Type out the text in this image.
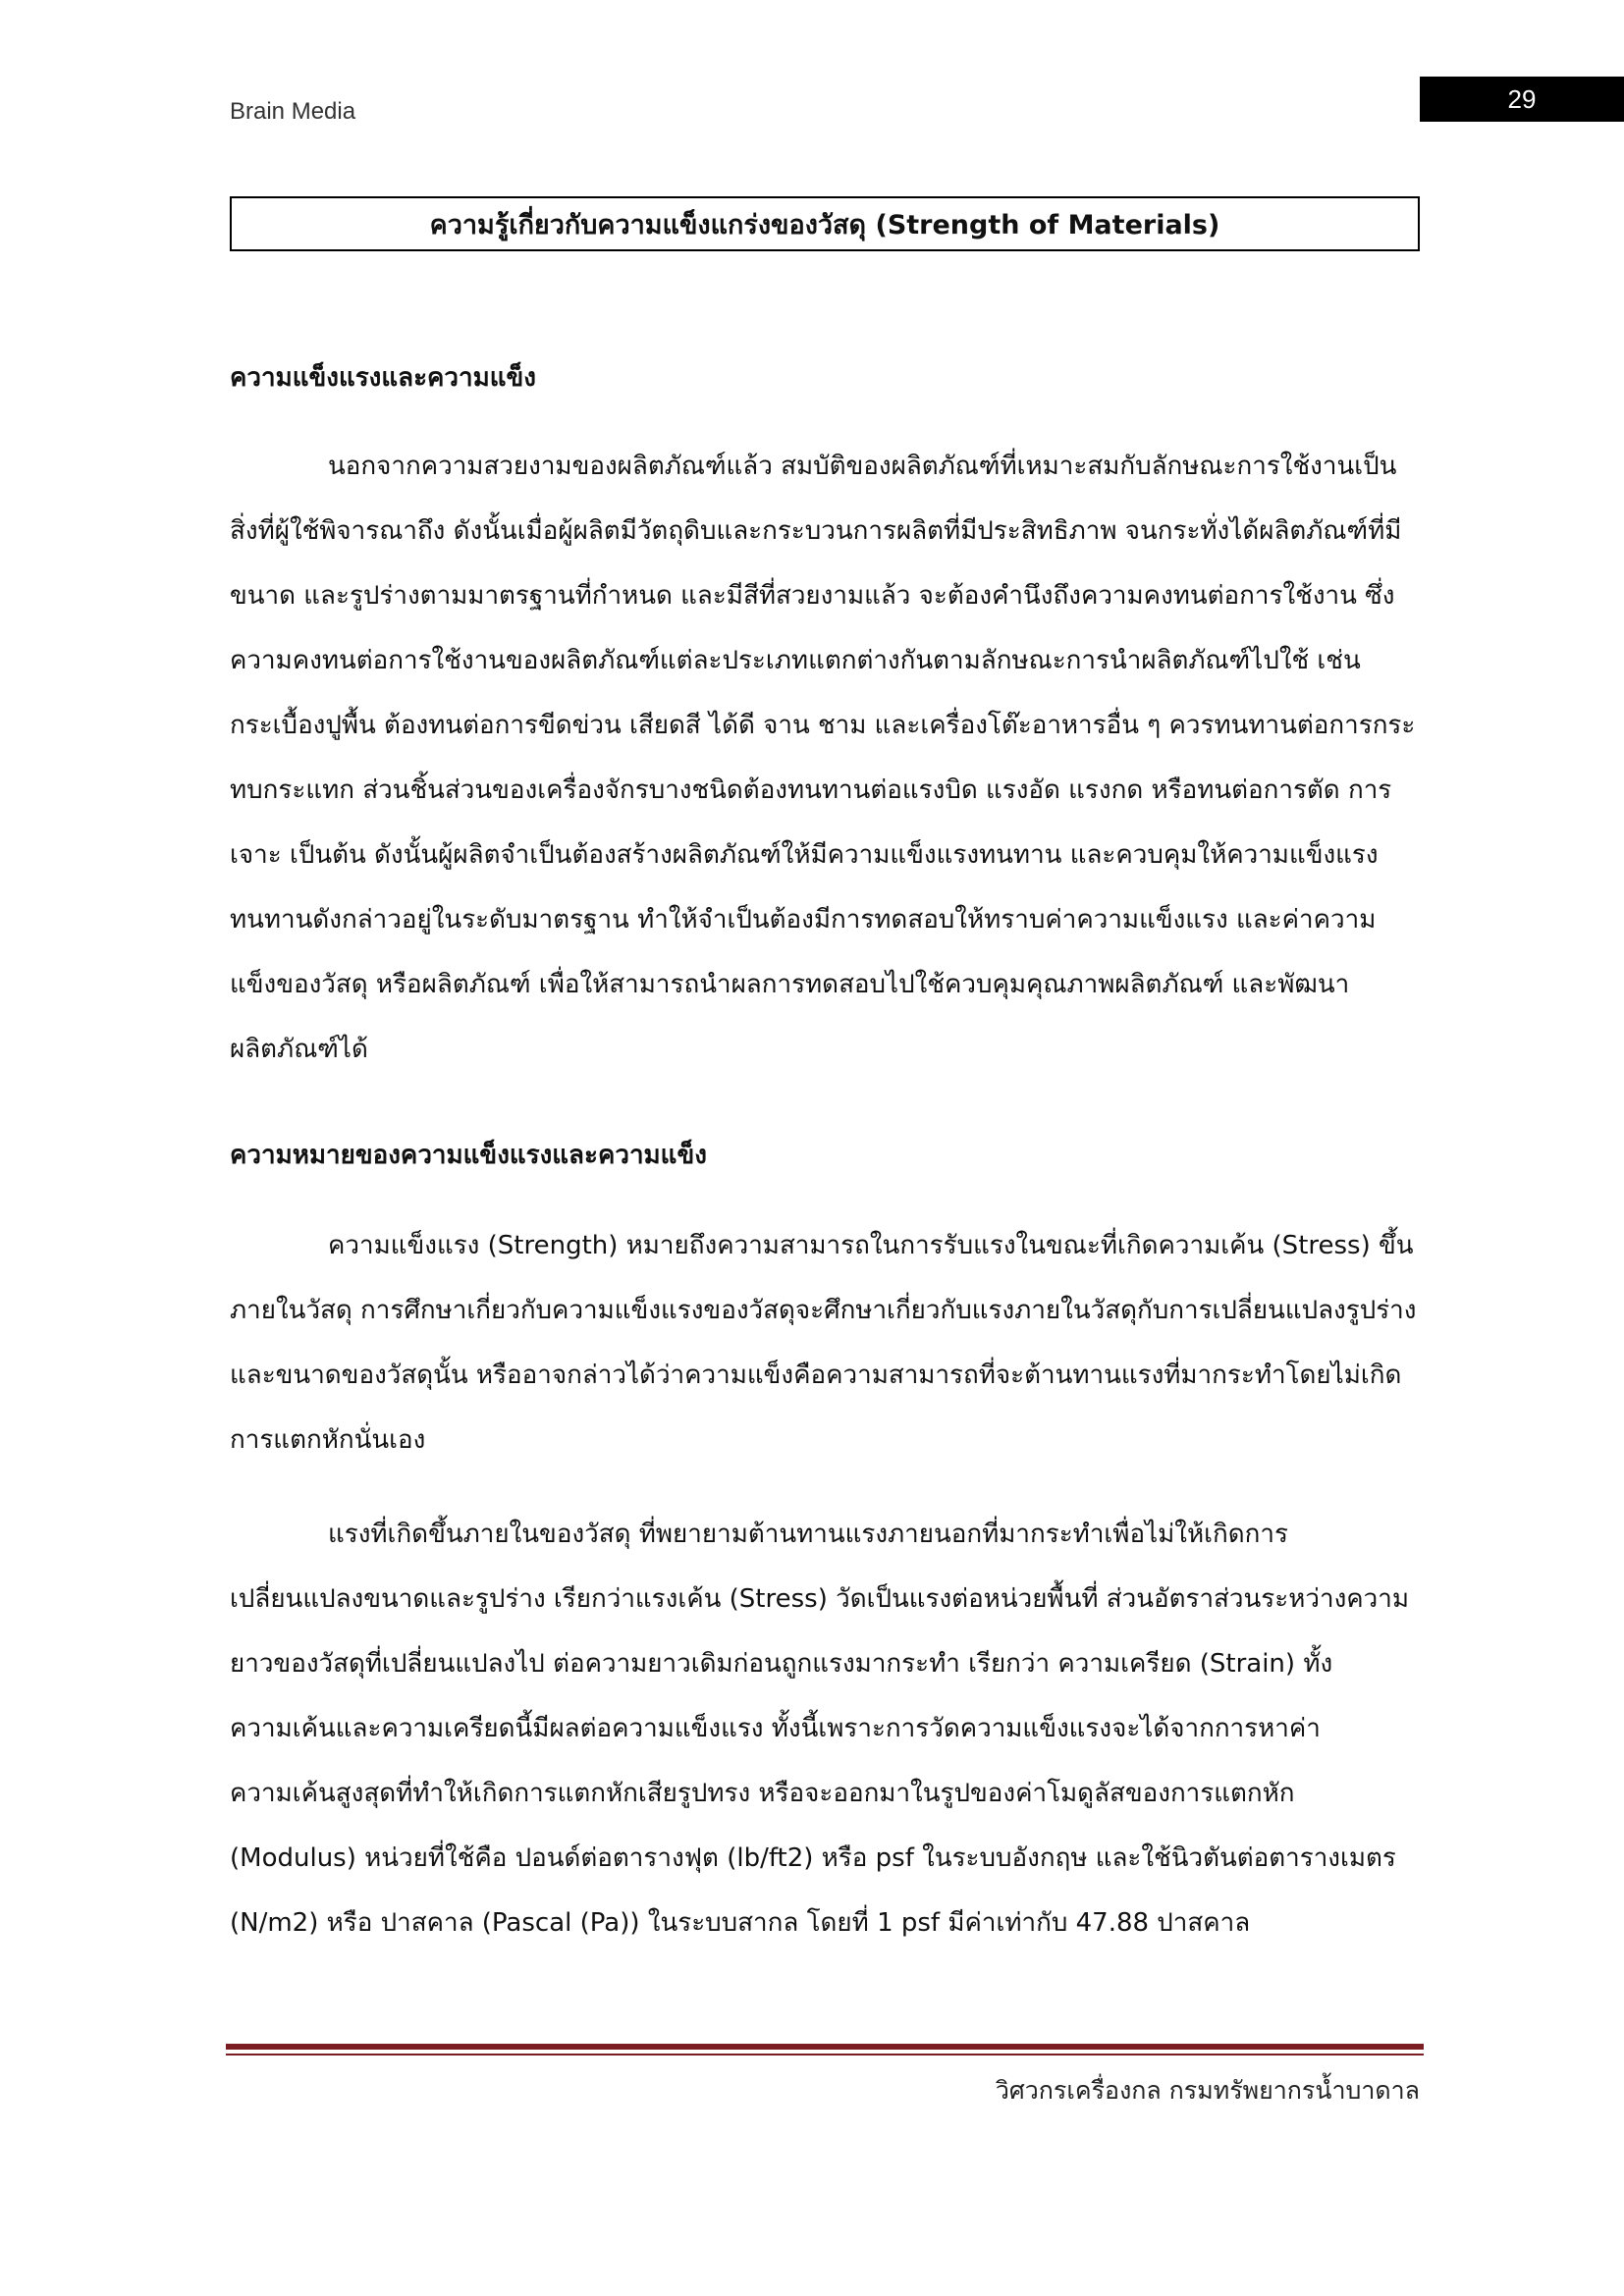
Brain Media	29
ความรู้เกี่ยวกับความแข็งแกร่งของวัสดุ (Strength of Materials)

ความแข็งแรงและความแข็ง

นอกจากความสวยงามของผลิตภัณฑ์แล้ว สมบัติของผลิตภัณฑ์ที่เหมาะสมกับลักษณะการใช้งานเป็นสิ่งที่ผู้ใช้พิจารณาถึง ดังนั้นเมื่อผู้ผลิตมีวัตถุดิบและกระบวนการผลิตที่มีประสิทธิภาพ จนกระทั่งได้ผลิตภัณฑ์ที่มีขนาด และรูปร่างตามมาตรฐานที่กำหนด และมีสีที่สวยงามแล้ว จะต้องคำนึงถึงความคงทนต่อการใช้งาน ซึ่งความคงทนต่อการใช้งานของผลิตภัณฑ์แต่ละประเภทแตกต่างกันตามลักษณะการนำผลิตภัณฑ์ไปใช้ เช่น กระเบื้องปูพื้น ต้องทนต่อการขีดข่วน เสียดสี ได้ดี จาน ชาม และเครื่องโต๊ะอาหารอื่น ๆ ควรทนทานต่อการกระทบกระแทก ส่วนชิ้นส่วนของเครื่องจักรบางชนิดต้องทนทานต่อแรงบิด แรงอัด แรงกด หรือทนต่อการตัด การเจาะ เป็นต้น ดังนั้นผู้ผลิตจำเป็นต้องสร้างผลิตภัณฑ์ให้มีความแข็งแรงทนทาน และควบคุมให้ความแข็งแรงทนทานดังกล่าวอยู่ในระดับมาตรฐาน ทำให้จำเป็นต้องมีการทดสอบให้ทราบค่าความแข็งแรง และค่าความแข็งของวัสดุ หรือผลิตภัณฑ์ เพื่อให้สามารถนำผลการทดสอบไปใช้ควบคุมคุณภาพผลิตภัณฑ์ และพัฒนาผลิตภัณฑ์ได้

ความหมายของความแข็งแรงและความแข็ง

ความแข็งแรง (Strength) หมายถึงความสามารถในการรับแรงในขณะที่เกิดความเค้น (Stress) ขึ้นภายในวัสดุ การศึกษาเกี่ยวกับความแข็งแรงของวัสดุจะศึกษาเกี่ยวกับแรงภายในวัสดุกับการเปลี่ยนแปลงรูปร่างและขนาดของวัสดุนั้น หรืออาจกล่าวได้ว่าความแข็งคือความสามารถที่จะต้านทานแรงที่มากระทำโดยไม่เกิดการแตกหักนั่นเอง

แรงที่เกิดขึ้นภายในของวัสดุ ที่พยายามต้านทานแรงภายนอกที่มากระทำเพื่อไม่ให้เกิดการเปลี่ยนแปลงขนาดและรูปร่าง เรียกว่าแรงเค้น (Stress) วัดเป็นแรงต่อหน่วยพื้นที่ ส่วนอัตราส่วนระหว่างความยาวของวัสดุที่เปลี่ยนแปลงไป ต่อความยาวเดิมก่อนถูกแรงมากระทำ เรียกว่า ความเครียด (Strain) ทั้งความเค้นและความเครียดนี้มีผลต่อความแข็งแรง ทั้งนี้เพราะการวัดความแข็งแรงจะได้จากการหาค่าความเค้นสูงสุดที่ทำให้เกิดการแตกหักเสียรูปทรง หรือจะออกมาในรูปของค่าโมดูลัสของการแตกหัก (Modulus) หน่วยที่ใช้คือ ปอนด์ต่อตารางฟุต (lb/ft2) หรือ psf ในระบบอังกฤษ และใช้นิวตันต่อตารางเมตร (N/m2) หรือ ปาสคาล (Pascal (Pa)) ในระบบสากล โดยที่ 1 psf มีค่าเท่ากับ 47.88 ปาสคาล

วิศวกรเครื่องกล กรมทรัพยากรน้ำบาดาล
